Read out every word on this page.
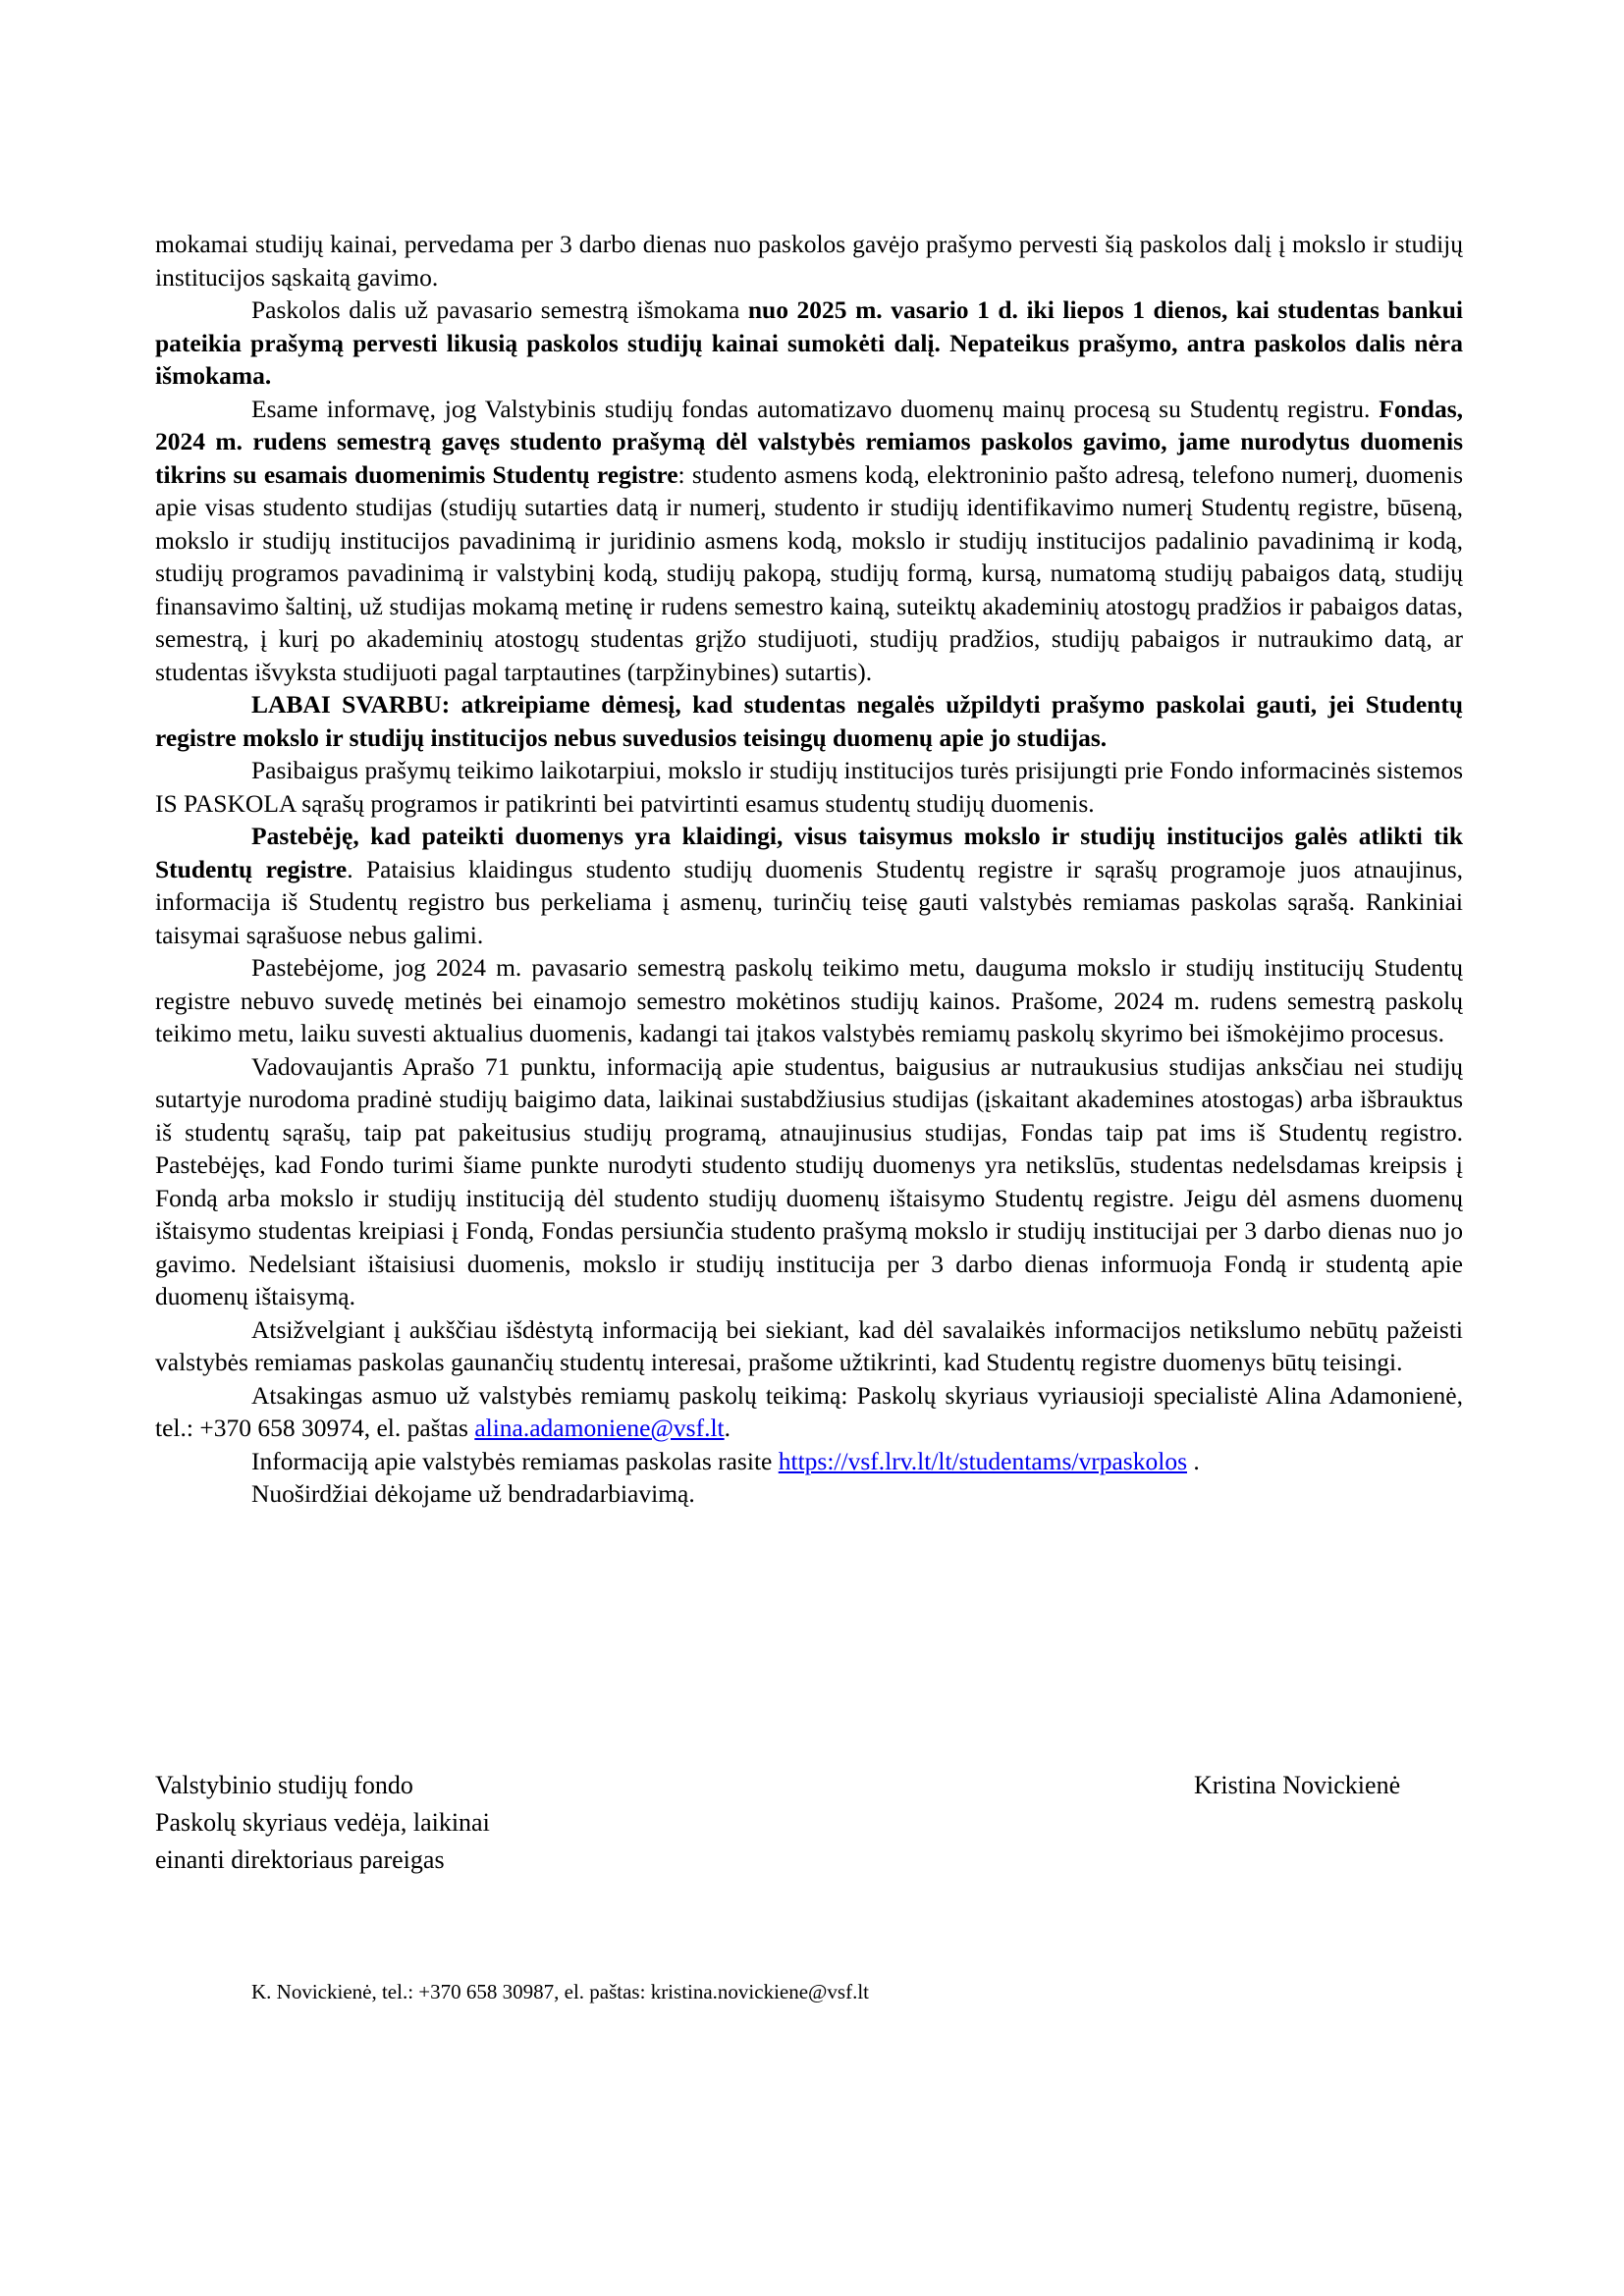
mokamai studijų kainai, pervedama per 3 darbo dienas nuo paskolos gavėjo prašymo pervesti šią paskolos dalį į mokslo ir studijų institucijos sąskaitą gavimo.

Paskolos dalis už pavasario semestrą išmokama nuo 2025 m. vasario 1 d. iki liepos 1 dienos, kai studentas bankui pateikia prašymą pervesti likusią paskolos studijų kainai sumokėti dalį. Nepateikus prašymo, antra paskolos dalis nėra išmokama.

Esame informavę, jog Valstybinis studijų fondas automatizavo duomenų mainų procesą su Studentų registru. Fondas, 2024 m. rudens semestrą gavęs studento prašymą dėl valstybės remiamos paskolos gavimo, jame nurodytus duomenis tikrins su esamais duomenimis Studentų registre: studento asmens kodą, elektroninio pašto adresą, telefono numerį, duomenis apie visas studento studijas (studijų sutarties datą ir numerį, studento ir studijų identifikavimo numerį Studentų registre, būseną, mokslo ir studijų institucijos pavadinimą ir juridinio asmens kodą, mokslo ir studijų institucijos padalinio pavadinimą ir kodą, studijų programos pavadinimą ir valstybinį kodą, studijų pakopą, studijų formą, kursą, numatomą studijų pabaigos datą, studijų finansavimo šaltinį, už studijas mokamą metinę ir rudens semestro kainą, suteiktų akademinių atostogų pradžios ir pabaigos datas, semestrą, į kurį po akademinių atostogų studentas grįžo studijuoti, studijų pradžios, studijų pabaigos ir nutraukimo datą, ar studentas išvyksta studijuoti pagal tarptautines (tarpžinybines) sutartis).

LABAI SVARBU: atkreipiame dėmesį, kad studentas negalės užpildyti prašymo paskolai gauti, jei Studentų registre mokslo ir studijų institucijos nebus suvedusios teisingų duomenų apie jo studijas.

Pasibaigus prašymų teikimo laikotarpiui, mokslo ir studijų institucijos turės prisijungti prie Fondo informacinės sistemos IS PASKOLA sąrašų programos ir patikrinti bei patvirtinti esamus studentų studijų duomenis.

Pastebėję, kad pateikti duomenys yra klaidingi, visus taisymus mokslo ir studijų institucijos galės atlikti tik Studentų registre. Pataisius klaidingus studento studijų duomenis Studentų registre ir sąrašų programoje juos atnaujinus, informacija iš Studentų registro bus perkeliama į asmenų, turinčių teisę gauti valstybės remiamas paskolas sąrašą. Rankiniai taisymai sąrašuose nebus galimi.

Pastebėjome, jog 2024 m. pavasario semestrą paskolų teikimo metu, dauguma mokslo ir studijų institucijų Studentų registre nebuvo suvedę metinės bei einamojo semestro mokėtinos studijų kainos. Prašome, 2024 m. rudens semestrą paskolų teikimo metu, laiku suvesti aktualius duomenis, kadangi tai įtakos valstybės remiamų paskolų skyrimo bei išmokėjimo procesus.

Vadovaujantis Aprašo 71 punktu, informaciją apie studentus, baigusius ar nutraukusius studijas anksčiau nei studijų sutartyje nurodoma pradinė studijų baigimo data, laikinai sustabdžiusius studijas (įskaitant akademines atostogas) arba išbrauktus iš studentų sąrašų, taip pat pakeitusius studijų programą, atnaujinusius studijas, Fondas taip pat ims iš Studentų registro. Pastebėjęs, kad Fondo turimi šiame punkte nurodyti studento studijų duomenys yra netikslūs, studentas nedelsdamas kreipsis į Fondą arba mokslo ir studijų instituciją dėl studento studijų duomenų ištaisymo Studentų registre. Jeigu dėl asmens duomenų ištaisymo studentas kreipiasi į Fondą, Fondas persiunčia studento prašymą mokslo ir studijų institucijai per 3 darbo dienas nuo jo gavimo. Nedelsiant ištaisiusi duomenis, mokslo ir studijų institucija per 3 darbo dienas informuoja Fondą ir studentą apie duomenų ištaisymą.

Atsižvelgiant į aukščiau išdėstytą informaciją bei siekiant, kad dėl savalaikės informacijos netikslumo nebūtų pažeisti valstybės remiamas paskolas gaunančių studentų interesai, prašome užtikrinti, kad Studentų registre duomenys būtų teisingi.

Atsakingas asmuo už valstybės remiamų paskolų teikimą: Paskolų skyriaus vyriausioji specialistė Alina Adamonienė, tel.: +370 658 30974, el. paštas alina.adamoniene@vsf.lt.

Informaciją apie valstybės remiamas paskolas rasite https://vsf.lrv.lt/lt/studentams/vrpaskolos .

Nuoširdžiai dėkojame už bendradarbiavimą.

Valstybinio studijų fondo
Paskolų skyriaus vedėja, laikinai
einanti direktoriaus pareigas
Kristina Novickienė
K. Novickienė, tel.: +370 658 30987, el. paštas: kristina.novickiene@vsf.lt
